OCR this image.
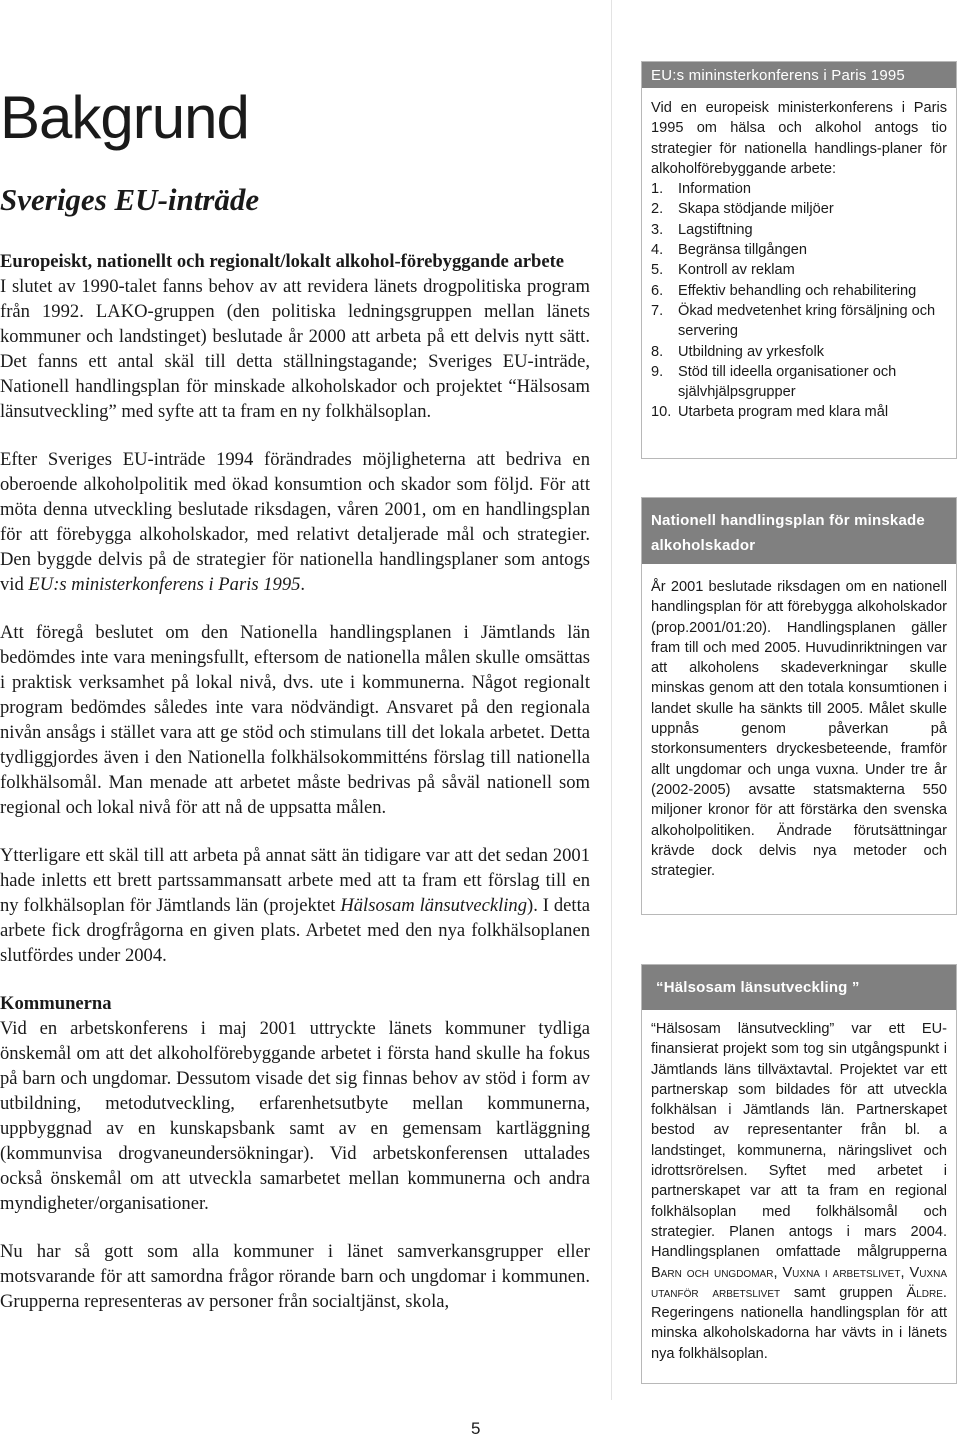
Bakgrund
Sveriges EU-inträde

Europeiskt, nationellt och regionalt/lokalt alkohol-förebyggande arbete
I slutet av 1990-talet fanns behov av att revidera länets drogpolitiska program från 1992. LAKO-gruppen (den politiska ledningsgruppen mellan länets kommuner och landstinget) beslutade år 2000 att arbeta på ett delvis nytt sätt. Det fanns ett antal skäl till detta ställningstagande; Sveriges EU-inträde, Nationell handlingsplan för minskade alkoholskador och projektet “Hälsosam länsutveckling” med syfte att ta fram en ny folkhälsoplan.

Efter Sveriges EU-inträde 1994 förändrades möjligheterna att bedriva en oberoende alkoholpolitik med ökad konsumtion och skador som följd. För att möta denna utveckling beslutade riksdagen, våren 2001, om en handlingsplan för att förebygga alkoholskador, med relativt detaljerade mål och strategier. Den byggde delvis på de strategier för nationella handlingsplaner som antogs vid EU:s ministerkonferens i Paris 1995.

Att föregå beslutet om den Nationella handlingsplanen i Jämtlands län bedömdes inte vara meningsfullt, eftersom de nationella målen skulle omsättas i praktisk verksamhet på lokal nivå, dvs. ute i kommunerna. Något regionalt program bedömdes således inte vara nödvändigt. Ansvaret på den regionala nivån ansågs i stället vara att ge stöd och stimulans till det lokala arbetet. Detta tydliggjordes även i den Nationella folkhälsokommitténs förslag till nationella folkhälsomål. Man menade att arbetet måste bedrivas på såväl nationell som regional och lokal nivå för att nå de uppsatta målen.

Ytterligare ett skäl till att arbeta på annat sätt än tidigare var att det sedan 2001 hade inletts ett brett partssammansatt arbete med att ta fram ett förslag till en ny folkhälsoplan för Jämtlands län (projektet Hälsosam länsutveckling). I detta arbete fick drogfrågorna en given plats. Arbetet med den nya folkhälsoplanen slutfördes under 2004.

Kommunerna
Vid en arbetskonferens i maj 2001 uttryckte länets kommuner tydliga önskemål om att det alkoholförebyggande arbetet i första hand skulle ha fokus på barn och ungdomar. Dessutom visade det sig finnas behov av stöd i form av utbildning, metodutveckling, erfarenhetsutbyte mellan kommunerna, uppbyggnad av en kunskapsbank samt av en gemensam kartläggning (kommunvisa drogvaneundersökningar). Vid arbetskonferensen uttalades också önskemål om att utveckla samarbetet mellan kommunerna och andra myndigheter/organisationer.

Nu har så gott som alla kommuner i länet samverkansgrupper eller motsvarande för att samordna frågor rörande barn och ungdomar i kommunen. Grupperna representeras av personer från socialtjänst, skola,

EU:s mininsterkonferens i Paris 1995

Vid en europeisk ministerkonferens i Paris 1995 om hälsa och alkohol antogs tio strategier för nationella handlings-planer för alkoholförebyggande arbete:

1.	Information
2.	Skapa stödjande miljöer
3.	Lagstiftning
4.	Begränsa tillgången
5.	Kontroll av reklam
6.	Effektiv behandling och rehabilitering
7.	Ökad medvetenhet kring försäljning och servering
8.	Utbildning av yrkesfolk
9.	Stöd till ideella organisationer och självhjälpsgrupper
10. Utarbeta program med klara mål
Nationell handlingsplan för minskade alkoholskador

År 2001 beslutade riksdagen om en nationell handlingsplan för att förebygga alkoholskador (prop.2001/01:20). Handlingsplanen gäller fram till och med 2005. Huvudinriktningen var att alkoholens skadeverkningar skulle minskas genom att den totala konsumtionen i landet skulle ha sänkts till 2005. Målet skulle uppnås genom påverkan på storkonsumenters dryckesbeteende, framför allt ungdomar och unga vuxna. Under tre år (2002-2005) avsatte statsmakterna 550 miljoner kronor för att förstärka den svenska alkoholpolitiken. Ändrade förutsättningar krävde dock delvis nya metoder och strategier.

“Hälsosam länsutveckling ”

“Hälsosam länsutveckling” var ett EU-finansierat projekt som tog sin utgångspunkt i Jämtlands läns tillväxtavtal. Projektet var ett partnerskap som bildades för att utveckla folkhälsan i Jämtlands län. Partnerskapet bestod av representanter från bl. a landstinget, kommunerna, näringslivet och idrottsrörelsen. Syftet med arbetet i partnerskapet var att ta fram en regional folkhälsoplan med folkhälsomål och strategier. Planen antogs i mars 2004. Handlingsplanen omfattade målgrupperna Barn och ungdomar, Vuxna i arbetslivet, Vuxna utanför arbetslivet samt gruppen Äldre. Regeringens nationella handlingsplan för att minska alkoholskadorna har vävts in i länets nya folkhälsoplan.

5
